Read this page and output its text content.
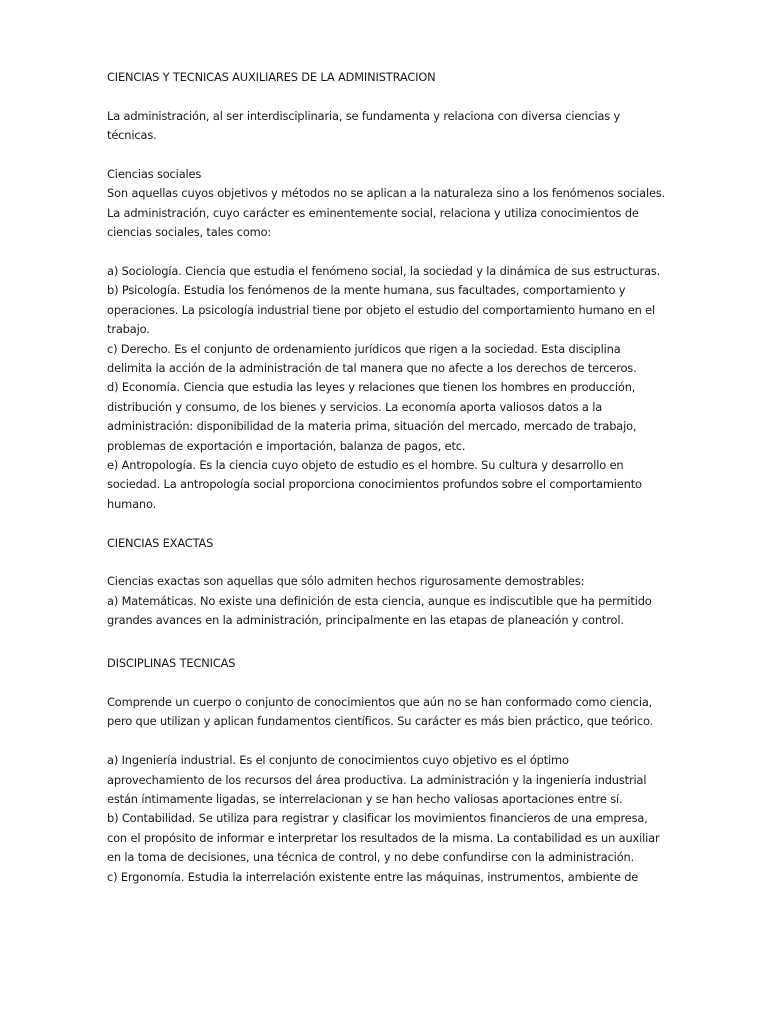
CIENCIAS Y TECNICAS AUXILIARES DE LA ADMINISTRACION

La administración, al ser interdisciplinaria, se fundamenta y relaciona con diversa ciencias y técnicas.

Ciencias sociales

Son aquellas cuyos objetivos y métodos no se aplican a la naturaleza sino a los fenómenos sociales. La administración, cuyo carácter es eminentemente social, relaciona y utiliza conocimientos de ciencias sociales, tales como:

a) Sociología. Ciencia que estudia el fenómeno social, la sociedad y la dinámica de sus estructuras.

b) Psicología. Estudia los fenómenos de la mente humana, sus facultades, comportamiento y operaciones. La psicología industrial tiene por objeto el estudio del comportamiento humano en el trabajo.

c) Derecho. Es el conjunto de ordenamiento jurídicos que rigen a la sociedad. Esta disciplina delimita la acción de la administración de tal manera que no afecte a los derechos de terceros.

d) Economía. Ciencia que estudia las leyes y relaciones que tienen los hombres en producción, distribución y consumo, de los bienes y servicios. La economía aporta valiosos datos a la administración: disponibilidad de la materia prima, situación del mercado, mercado de trabajo, problemas de exportación e importación, balanza de pagos, etc.

e) Antropología. Es la ciencia cuyo objeto de estudio es el hombre. Su cultura y desarrollo en sociedad. La antropología social proporciona conocimientos profundos sobre el comportamiento humano.

CIENCIAS EXACTAS

Ciencias exactas son aquellas que sólo admiten hechos rigurosamente demostrables:

a) Matemáticas. No existe una definición de esta ciencia, aunque es indiscutible que ha permitido grandes avances en la administración, principalmente en las etapas de planeación y control.

DISCIPLINAS TECNICAS

Comprende un cuerpo o conjunto de conocimientos que aún no se han conformado como ciencia, pero que utilizan y aplican fundamentos científicos. Su carácter es más bien práctico, que teórico.

a) Ingeniería industrial. Es el conjunto de conocimientos cuyo objetivo es el óptimo aprovechamiento de los recursos del área productiva. La administración y la ingeniería industrial están íntimamente ligadas, se interrelacionan y se han hecho valiosas aportaciones entre sí.

b) Contabilidad. Se utiliza para registrar y clasificar los movimientos financieros de una empresa, con el propósito de informar e interpretar los resultados de la misma. La contabilidad es un auxiliar en la toma de decisiones, una técnica de control, y no debe confundirse con la administración.

c) Ergonomía. Estudia la interrelación existente entre las máquinas, instrumentos, ambiente de
